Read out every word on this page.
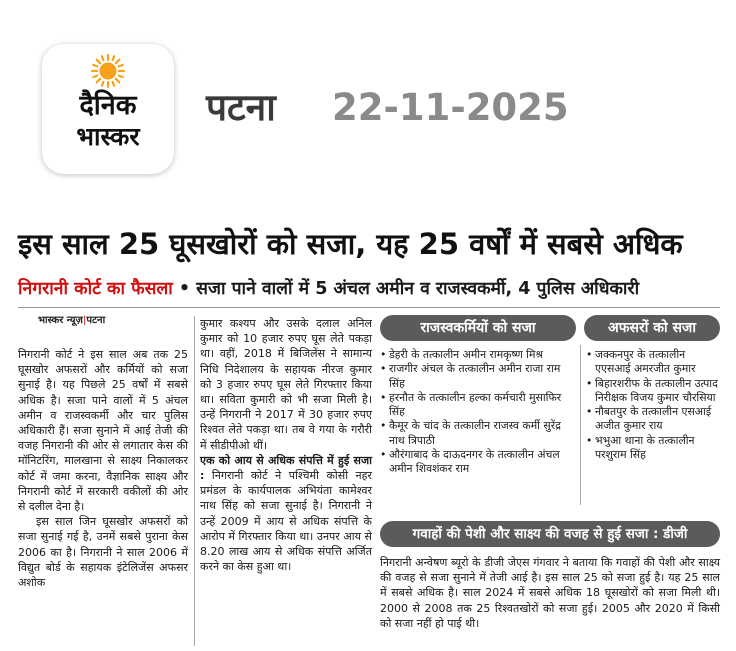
दैनिक
भास्कर
पटना 22-11-2025
इस साल 25 घूसखोरों को सजा, यह 25 वर्षों में सबसे अधिक
निगरानी कोर्ट का फैसला • सजा पाने वालों में 5 अंचल अमीन व राजस्वकर्मी, 4 पुलिस अधिकारी
भास्कर न्यूज़|पटना

निगरानी कोर्ट ने इस साल अब तक 25 घूसखोर अफसरों और कर्मियों को सजा सुनाई है। यह पिछले 25 वर्षों में सबसे अधिक है। सजा पाने वालों में 5 अंचल अमीन व राजस्वकर्मी और चार पुलिस अधिकारी हैं। सजा सुनाने में आई तेजी की वजह निगरानी की ओर से लगातार केस की मॉनिटरिंग, मालखाना से साक्ष्य निकालकर कोर्ट में जमा करना, वैज्ञानिक साक्ष्य और निगरानी कोर्ट में सरकारी वकीलों की ओर से दलील देना है।

इस साल जिन घूसखोर अफसरों को सजा सुनाई गई है, उनमें सबसे पुराना केस 2006 का है। निगरानी ने साल 2006 में विद्युत बोर्ड के सहायक इंटेलिजेंस अफसर अशोक

कुमार कश्यप और उसके दलाल अनिल कुमार को 10 हजार रुपए घूस लेते पकड़ा था। वहीं, 2018 में बिजिलेंस ने सामान्य निधि निदेशालय के सहायक नीरज कुमार को 3 हजार रुपए घूस लेते गिरफ्तार किया था। सविता कुमारी को भी सजा मिली है। उन्हें निगरानी ने 2017 में 30 हजार रुपए रिश्वत लेते पकड़ा था। तब वे गया के गरौरी में सीडीपीओ थीं।

एक को आय से अधिक संपत्ति में हुई सजा : निगरानी कोर्ट ने पश्चिमी कोसी नहर प्रमंडल के कार्यपालक अभियंता कामेश्वर नाथ सिंह को सजा सुनाई है। निगरानी ने उन्हें 2009 में आय से अधिक संपत्ति के आरोप में गिरफ्तार किया था। उनपर आय से 8.20 लाख आय से अधिक संपत्ति अर्जित करने का केस हुआ था।

राजस्वकर्मियों को सजा	अफसरों को सजा
• डेहरी के तत्कालीन अमीन रामकृष्ण मिश्र
• राजगीर अंचल के तत्कालीन अमीन राजा राम सिंह
• हरनौत के तत्कालीन हल्का कर्मचारी मुसाफिर सिंह
• कैमूर के चांद के तत्कालीन राजस्व कर्मी सुरेंद्र नाथ त्रिपाठी
• औरंगाबाद के दाऊदनगर के तत्कालीन अंचल अमीन शिवशंकर राम
• जक्कनपुर के तत्कालीन एएसआई अमरजीत कुमार
• बिहारशरीफ के तत्कालीन उत्पाद निरीक्षक विजय कुमार चौरसिया
• नौबतपुर के तत्कालीन एसआई अजीत कुमार राय
• भभुआ थाना के तत्कालीन परशुराम सिंह
गवाहों की पेशी और साक्ष्य की वजह से हुई सजा : डीजी
निगरानी अन्वेषण ब्यूरो के डीजी जेएस गंगवार ने बताया कि गवाहों की पेशी और साक्ष्य की वजह से सजा सुनाने में तेजी आई है। इस साल 25 को सजा हुई है। यह 25 साल में सबसे अधिक है। साल 2024 में सबसे अधिक 18 घूसखोरों को सजा मिली थी। 2000 से 2008 तक 25 रिश्वतखोरों को सजा हुई। 2005 और 2020 में किसी को सजा नहीं हो पाई थी।
